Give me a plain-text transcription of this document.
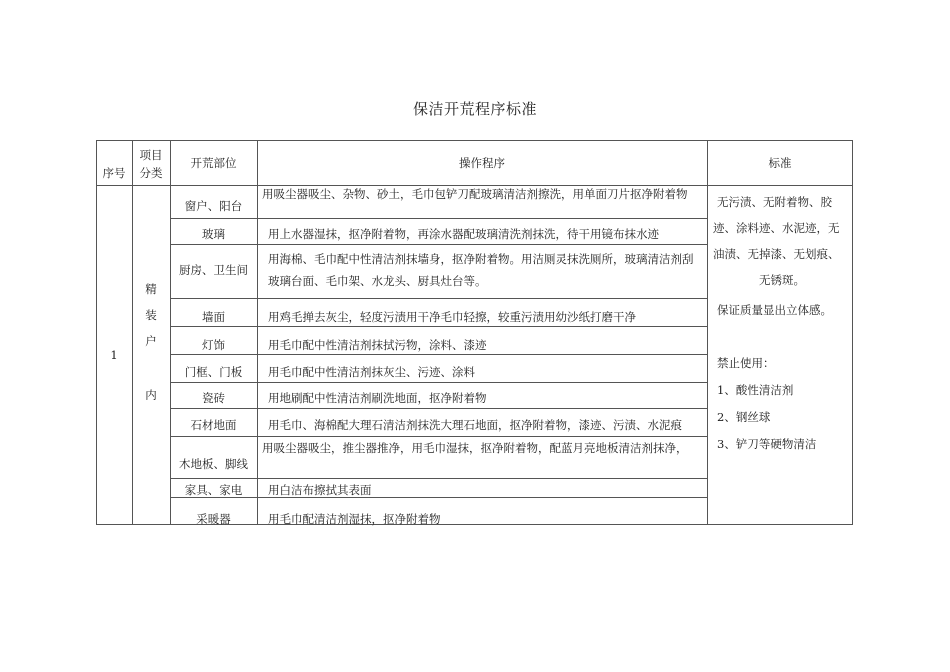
保洁开荒程序标准
序号
项目
分类
开荒部位	操作程序	标准
1
精
装
户
内
窗户、阳台
玻璃
厨房、卫生间
墙面
灯饰
门框、门板
瓷砖
石材地面
木地板、脚线
家具、家电
采暖器
用吸尘器吸尘、杂物、砂土，毛巾包铲刀配玻璃清洁剂擦洗，用单面刀片抠净附着物
用上水器湿抹，抠净附着物，再涂水器配玻璃清洗剂抹洗，待干用镜布抹水迹
用海棉、毛巾配中性清洁剂抹墙身，抠净附着物。用洁厕灵抹洗厕所，玻璃清洁剂刮玻璃台面、毛巾架、水龙头、厨具灶台等。
用鸡毛掸去灰尘，轻度污渍用干净毛巾轻擦，较重污渍用幼沙纸打磨干净
用毛巾配中性清洁剂抹拭污物，涂料、漆迹
用毛巾配中性清洁剂抹灰尘、污迹、涂料
用地刷配中性清洁剂刷洗地面，抠净附着物
用毛巾、海棉配大理石清洁剂抹洗大理石地面，抠净附着物，漆迹、污渍、水泥痕
用吸尘器吸尘，推尘器推净，用毛巾湿抹，抠净附着物，配蓝月亮地板清洁剂抹净，
用白洁布擦拭其表面
用毛巾配清洁剂湿抹，抠净附着物
无污渍、无附着物、胶
迹、涂料迹、水泥迹，无
油渍、无掉漆、无划痕、
无锈斑。
保证质量显出立体感。
禁止使用：
1、酸性清洁剂
2、钢丝球
3、铲刀等硬物清洁
